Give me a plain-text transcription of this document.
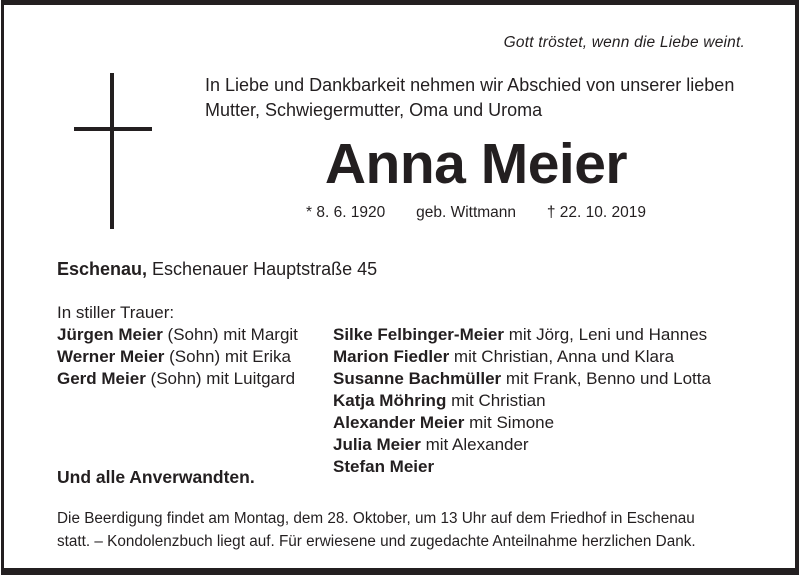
Gott tröstet, wenn die Liebe weint.
In Liebe und Dankbarkeit nehmen wir Abschied von unserer lieben Mutter, Schwiegermutter, Oma und Uroma
Anna Meier
* 8. 6. 1920 geb. Wittmann † 22. 10. 2019
Eschenau, Eschenauer Hauptstraße 45
In stiller Trauer:
Jürgen Meier (Sohn) mit Margit
Werner Meier (Sohn) mit Erika
Gerd Meier (Sohn) mit Luitgard
Silke Felbinger-Meier mit Jörg, Leni und Hannes
Marion Fiedler mit Christian, Anna und Klara
Susanne Bachmüller mit Frank, Benno und Lotta
Katja Möhring mit Christian
Alexander Meier mit Simone
Julia Meier mit Alexander
Stefan Meier
Und alle Anverwandten.
Die Beerdigung findet am Montag, dem 28. Oktober, um 13 Uhr auf dem Friedhof in Eschenau
statt. – Kondolenzbuch liegt auf. Für erwiesene und zugedachte Anteilnahme herzlichen Dank.
